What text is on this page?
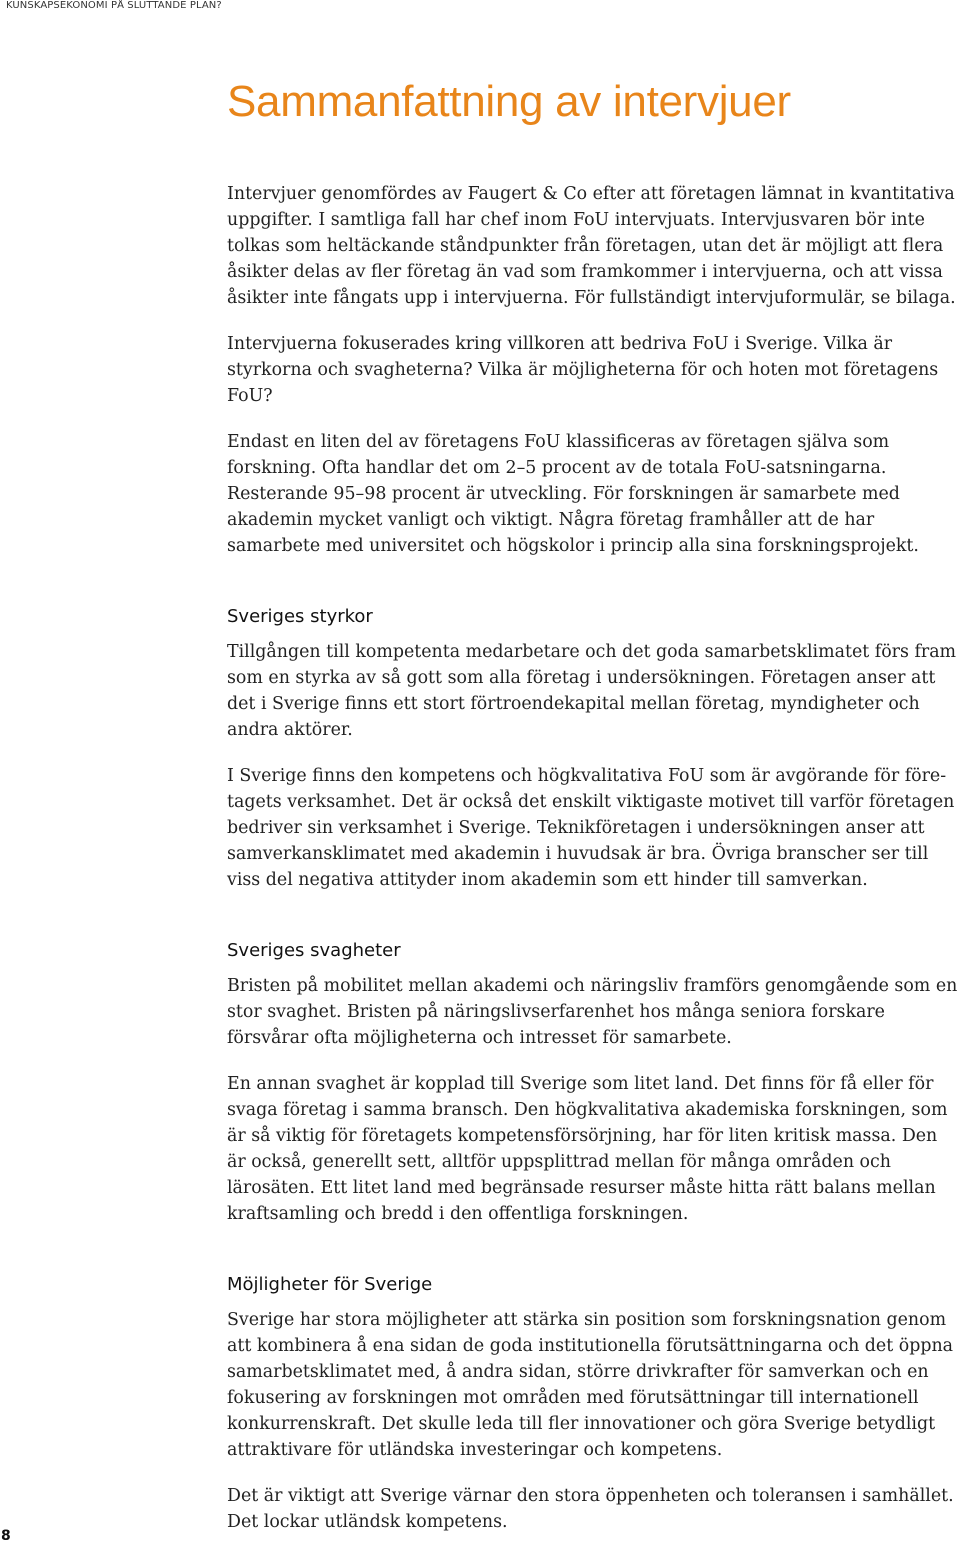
KUNSKAPSEKONOMI PÅ SLUTTANDE PLAN?
Sammanfattning av intervjuer

Intervjuer genomfördes av Faugert & Co efter att företagen lämnat in kvantitativa uppgifter. I samtliga fall har chef inom FoU intervjuats. Intervjusvaren bör inte tolkas som heltäckande ståndpunkter från företagen, utan det är möjligt att flera åsikter delas av fler företag än vad som framkommer i intervjuerna, och att vissa åsikter inte fångats upp i intervjuerna. För fullständigt intervjuformulär, se bilaga.

Intervjuerna fokuserades kring villkoren att bedriva FoU i Sverige. Vilka är styrkorna och svagheterna? Vilka är möjligheterna för och hoten mot företagens FoU?

Endast en liten del av företagens FoU klassificeras av företagen själva som forskning. Ofta handlar det om 2–5 procent av de totala FoU-satsningarna. Resterande 95–98 procent är utveckling. För forskningen är samarbete med akademin mycket vanligt och viktigt. Några företag framhåller att de har samarbete med universitet och högskolor i princip alla sina forskningsprojekt.

Sveriges styrkor

Tillgången till kompetenta medarbetare och det goda samarbetsklimatet förs fram som en styrka av så gott som alla företag i undersökningen. Företagen anser att det i Sverige finns ett stort förtroendekapital mellan företag, myndigheter och andra aktörer.

I Sverige finns den kompetens och högkvalitativa FoU som är avgörande för företagets verksamhet. Det är också det enskilt viktigaste motivet till varför företagen bedriver sin verksamhet i Sverige. Teknikföretagen i undersökningen anser att samverkansklimatet med akademin i huvudsak är bra. Övriga branscher ser till viss del negativa attityder inom akademin som ett hinder till samverkan.

Sveriges svagheter

Bristen på mobilitet mellan akademi och näringsliv framförs genomgående som en stor svaghet. Bristen på näringslivserfarenhet hos många seniora forskare försvårar ofta möjligheterna och intresset för samarbete.

En annan svaghet är kopplad till Sverige som litet land. Det finns för få eller för svaga företag i samma bransch. Den högkvalitativa akademiska forskningen, som är så viktig för företagets kompetensförsörjning, har för liten kritisk massa. Den är också, generellt sett, alltför uppsplittrad mellan för många områden och lärosäten. Ett litet land med begränsade resurser måste hitta rätt balans mellan kraftsamling och bredd i den offentliga forskningen.

Möjligheter för Sverige

Sverige har stora möjligheter att stärka sin position som forskningsnation genom att kombinera å ena sidan de goda institutionella förutsättningarna och det öppna samarbetsklimatet med, å andra sidan, större drivkrafter för samverkan och en fokusering av forskningen mot områden med förutsättningar till internationell konkurrenskraft. Det skulle leda till fler innovationer och göra Sverige betydligt attraktivare för utländska investeringar och kompetens.

Det är viktigt att Sverige värnar den stora öppenheten och toleransen i samhället. Det lockar utländsk kompetens.

8
